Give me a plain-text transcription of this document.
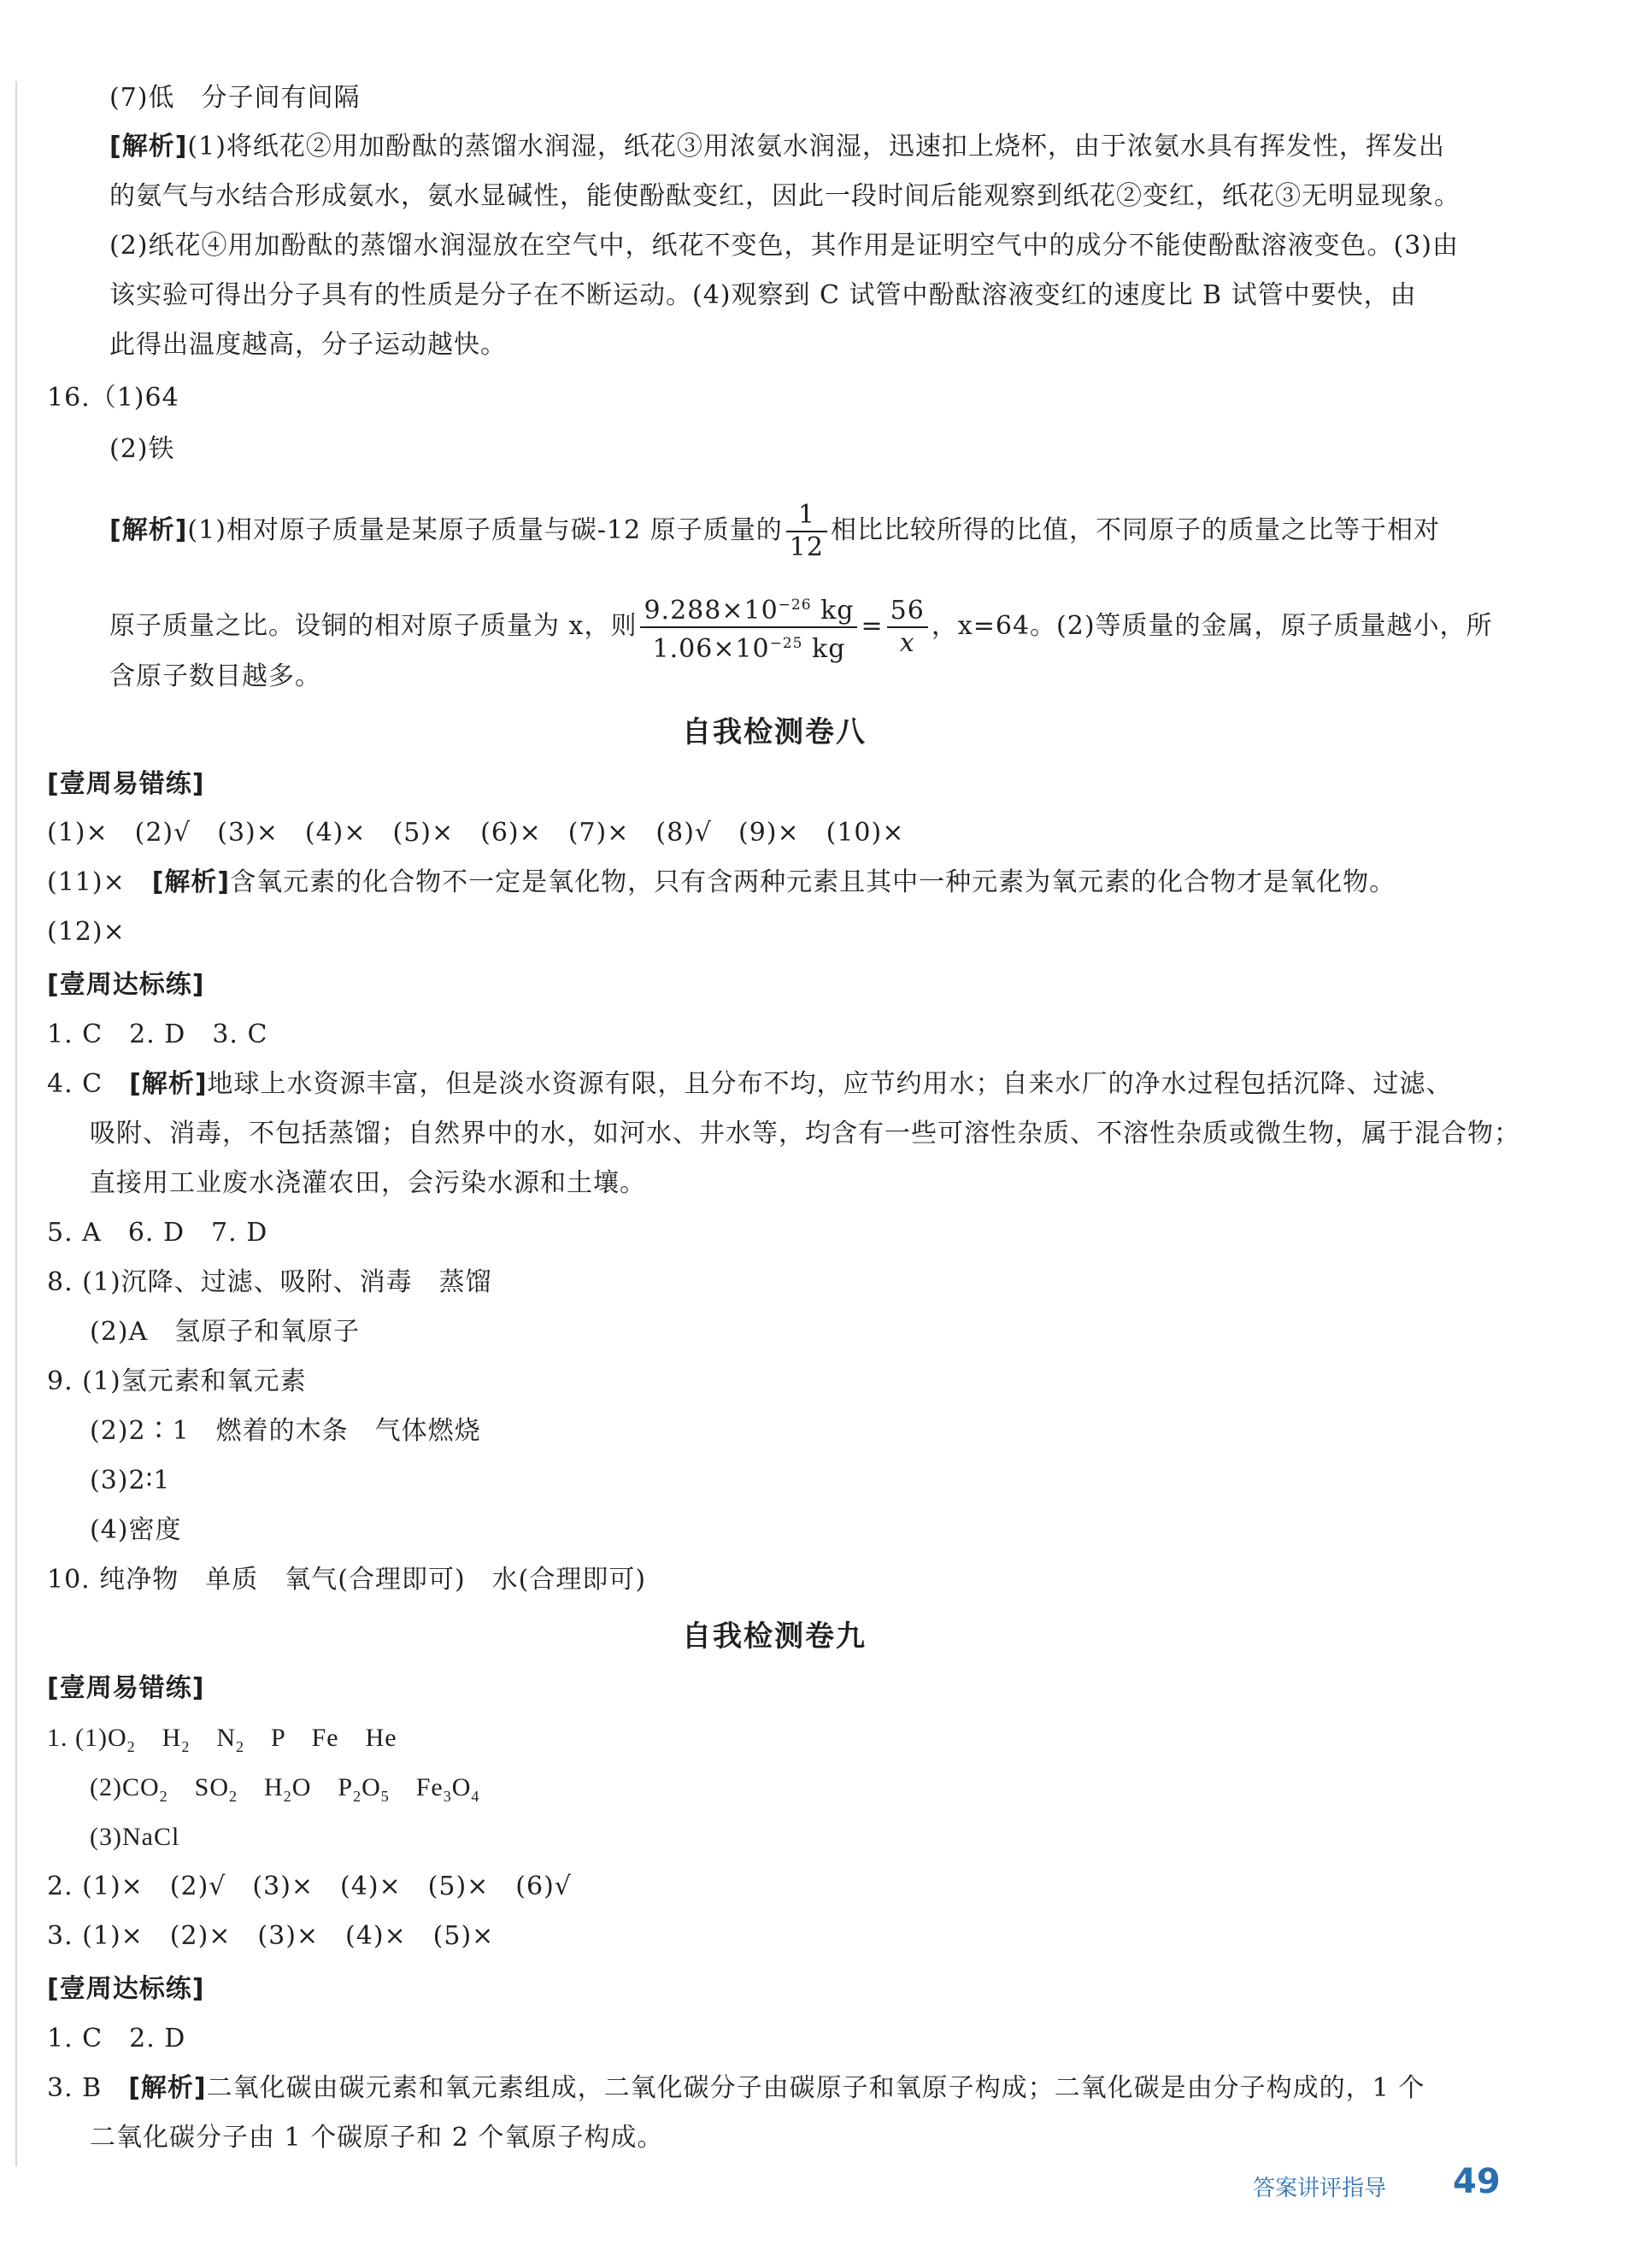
(7)低　分子间有间隔
[解析](1)将纸花②用加酚酞的蒸馏水润湿，纸花③用浓氨水润湿，迅速扣上烧杯，由于浓氨水具有挥发性，挥发出
的氨气与水结合形成氨水，氨水显碱性，能使酚酞变红，因此一段时间后能观察到纸花②变红，纸花③无明显现象。
(2)纸花④用加酚酞的蒸馏水润湿放在空气中，纸花不变色，其作用是证明空气中的成分不能使酚酞溶液变色。(3)由
该实验可得出分子具有的性质是分子在不断运动。(4)观察到 C 试管中酚酞溶液变红的速度比 B 试管中要快，由
此得出温度越高，分子运动越快。
16.（1)64
(2)铁
[解析](1)相对原子质量是某原子质量与碳-12 原子质量的 $\frac{1}{12}$ 相比比较所得的比值，不同原子的质量之比等于相对
原子质量之比。设铜的相对原子质量为 x，则 $\frac{9.288\times 10^{-26} kg}{1.06\times 10^{-25} kg} = \frac{56}{x}$ ，x=64。(2)等质量的金属，原子质量越小，所
含原子数目越多。
自我检测卷八
[壹周易错练]
(1)×　(2)√　(3)×　(4)×　(5)×　(6)×　(7)×　(8)√　(9)×　(10)×
(11)×　[解析]含氧元素的化合物不一定是氧化物，只有含两种元素且其中一种元素为氧元素的化合物才是氧化物。
(12)×
[壹周达标练]
1. C　2. D　3. C
4. C　[解析]地球上水资源丰富，但是淡水资源有限，且分布不均，应节约用水；自来水厂的净水过程包括沉降、过滤、
吸附、消毒，不包括蒸馏；自然界中的水，如河水、井水等，均含有一些可溶性杂质、不溶性杂质或微生物，属于混合物；
直接用工业废水浇灌农田，会污染水源和土壤。
5. A　6. D　7. D
8. (1)沉降、过滤、吸附、消毒　蒸馏
(2)A　氢原子和氧原子
9. (1)氢元素和氧元素
(2)2∶1　燃着的木条　气体燃烧
(3)2∶1
(4)密度
10. 纯净物　单质　氧气(合理即可)　水(合理即可)
自我检测卷九
[壹周易错练]
1. $(1)O_2$　 $H_2$　 $N_2$　 P　 Fe　 He
$(2)CO_2$　 $SO_2$　 $H_2O$　 $P_2O_5$　 $Fe_3O_4$
(3)NaCl
2. (1)×　(2)√　(3)×　(4)×　(5)×　(6)√
3. (1)×　(2)×　(3)×　(4)×　(5)×
[壹周达标练]
1. C　2. D
3. B　[解析]二氧化碳由碳元素和氧元素组成，二氧化碳分子由碳原子和氧原子构成；二氧化碳是由分子构成的，1 个
二氧化碳分子由 1 个碳原子和 2 个氧原子构成。
答案讲评指导 49
